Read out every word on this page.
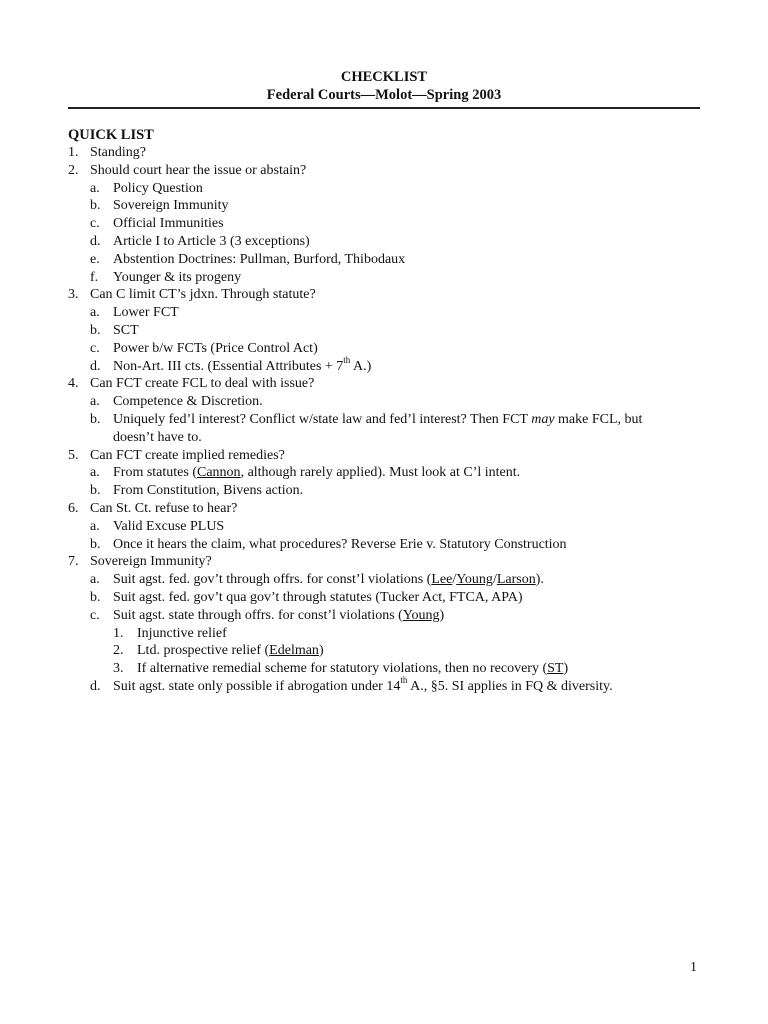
CHECKLIST
Federal Courts—Molot—Spring 2003
QUICK LIST
1. Standing?
2. Should court hear the issue or abstain?
a. Policy Question
b. Sovereign Immunity
c. Official Immunities
d. Article I to Article 3 (3 exceptions)
e. Abstention Doctrines: Pullman, Burford, Thibodaux
f. Younger & its progeny
3. Can C limit CT’s jdxn. Through statute?
a. Lower FCT
b. SCT
c. Power b/w FCTs (Price Control Act)
d. Non-Art. III cts. (Essential Attributes + 7th A.)
4. Can FCT create FCL to deal with issue?
a. Competence & Discretion.
b. Uniquely fed’l interest? Conflict w/state law and fed’l interest? Then FCT may make FCL, but
doesn’t have to.
5. Can FCT create implied remedies?
a. From statutes (Cannon, although rarely applied). Must look at C’l intent.
b. From Constitution, Bivens action.
6. Can St. Ct. refuse to hear?
a. Valid Excuse PLUS
b. Once it hears the claim, what procedures? Reverse Erie v. Statutory Construction
7. Sovereign Immunity?
a. Suit agst. fed. gov’t through offrs. for const’l violations (Lee/Young/Larson).
b. Suit agst. fed. gov’t qua gov’t through statutes (Tucker Act, FTCA, APA)
c. Suit agst. state through offrs. for const’l violations (Young)
1. Injunctive relief
2. Ltd. prospective relief (Edelman)
3. If alternative remedial scheme for statutory violations, then no recovery (ST)
d. Suit agst. state only possible if abrogation under 14th A., §5. SI applies in FQ & diversity.
1
